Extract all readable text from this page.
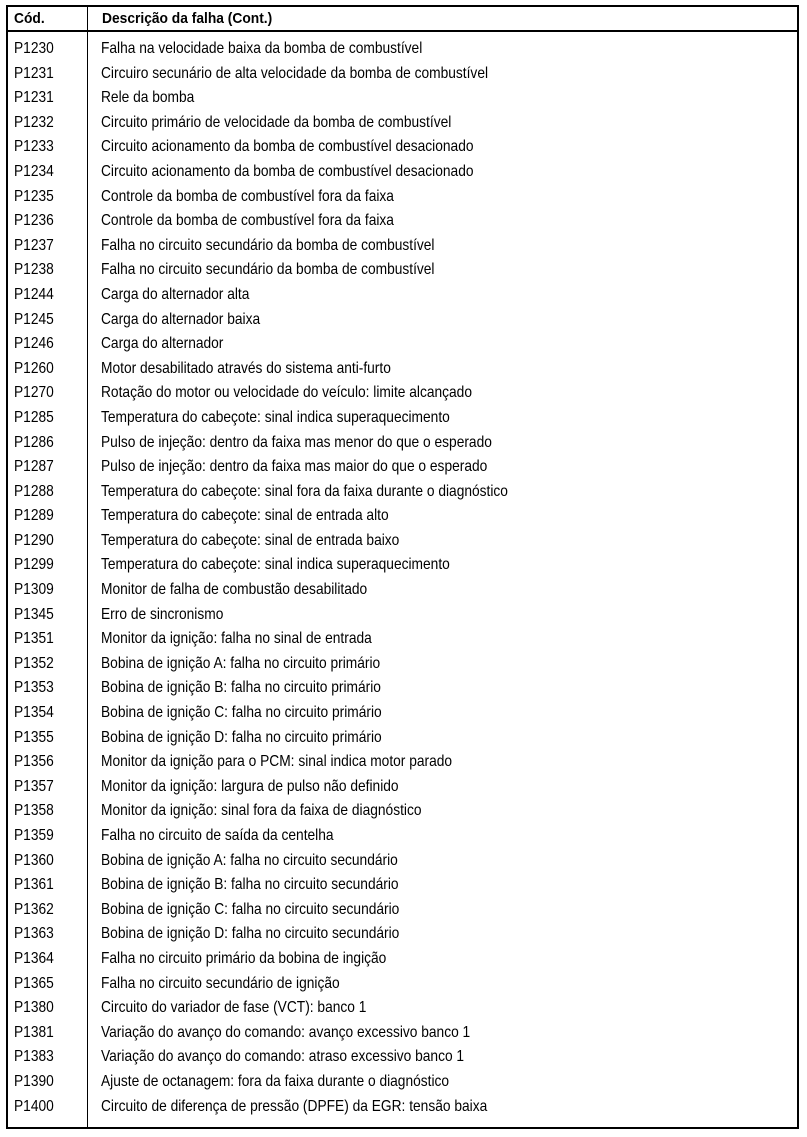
Cód.	Descrição da falha (Cont.)
P1230	Falha na velocidade baixa da bomba de combustível
P1231	Circuiro secunário de alta velocidade da bomba de combustível
P1231	Rele da bomba
P1232	Circuito primário de velocidade da bomba de combustível
P1233	Circuito acionamento da bomba de combustível desacionado
P1234	Circuito acionamento da bomba de combustível desacionado
P1235	Controle da bomba de combustível fora da faixa
P1236	Controle da bomba de combustível fora da faixa
P1237	Falha no circuito secundário da bomba de combustível
P1238	Falha no circuito secundário da bomba de combustível
P1244	Carga do alternador alta
P1245	Carga do alternador baixa
P1246	Carga do alternador
P1260	Motor desabilitado através do sistema anti-furto
P1270	Rotação do motor ou velocidade do veículo: limite alcançado
P1285	Temperatura do cabeçote: sinal indica superaquecimento
P1286	Pulso de injeção: dentro da faixa mas menor do que o esperado
P1287	Pulso de injeção: dentro da faixa mas maior do que o esperado
P1288	Temperatura do cabeçote: sinal fora da faixa durante o diagnóstico
P1289	Temperatura do cabeçote: sinal de entrada alto
P1290	Temperatura do cabeçote: sinal de entrada baixo
P1299	Temperatura do cabeçote: sinal indica superaquecimento
P1309	Monitor de falha de combustão desabilitado
P1345	Erro de sincronismo
P1351	Monitor da ignição: falha no sinal de entrada
P1352	Bobina de ignição A: falha no circuito primário
P1353	Bobina de ignição B: falha no circuito primário
P1354	Bobina de ignição C: falha no circuito primário
P1355	Bobina de ignição D: falha no circuito primário
P1356	Monitor da ignição para o PCM: sinal indica motor parado
P1357	Monitor da ignição: largura de pulso não definido
P1358	Monitor da ignição: sinal fora da faixa de diagnóstico
P1359	Falha no circuito de saída da centelha
P1360	Bobina de ignição A: falha no circuito secundário
P1361	Bobina de ignição B: falha no circuito secundário
P1362	Bobina de ignição C: falha no circuito secundário
P1363	Bobina de ignição D: falha no circuito secundário
P1364	Falha no circuito primário da bobina de ingição
P1365	Falha no circuito secundário de ignição
P1380	Circuito do variador de fase (VCT): banco 1
P1381	Variação do avanço do comando: avanço excessivo banco 1
P1383	Variação do avanço do comando: atraso excessivo banco 1
P1390	Ajuste de octanagem: fora da faixa durante o diagnóstico
P1400	Circuito de diferença de pressão (DPFE) da EGR: tensão baixa
